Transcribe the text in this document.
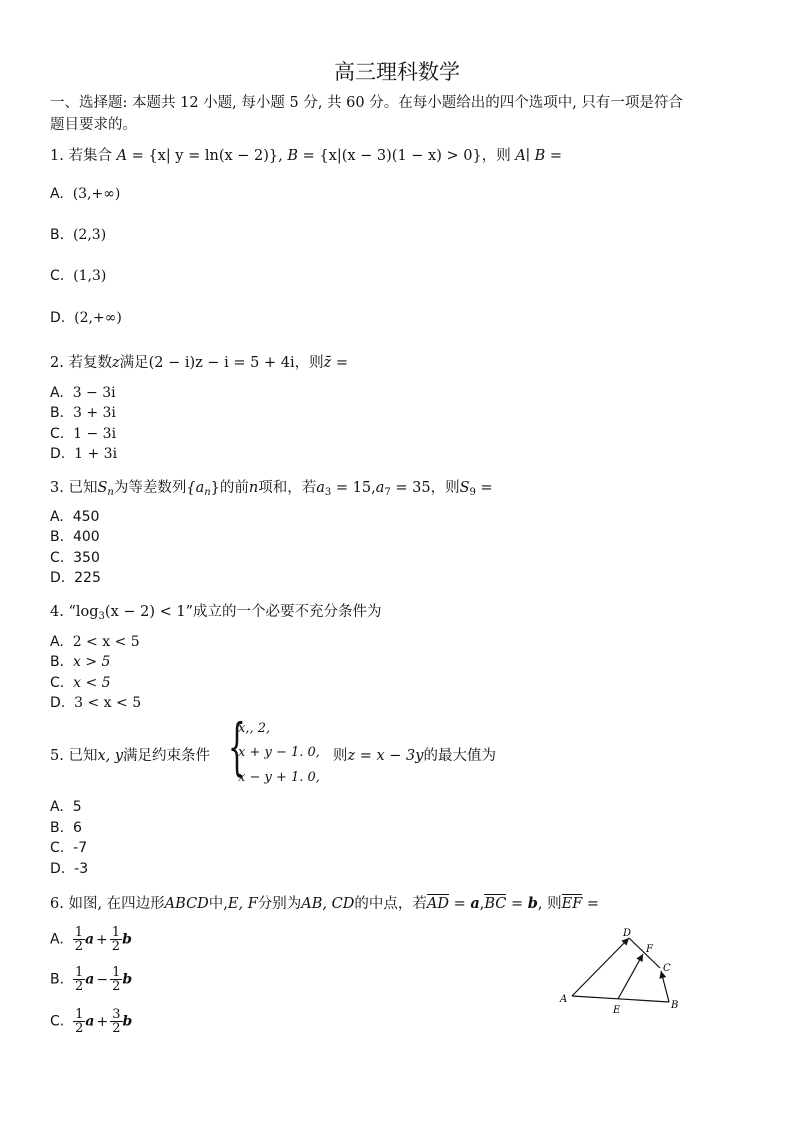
高三理科数学
一、选择题: 本题共 12 小题, 每小题 5 分, 共 60 分。在每小题给出的四个选项中, 只有一项是符合
题目要求的。
1. 若集合 A = {x| y = ln(x − 2)}, B = {x|(x − 3)(1 − x) > 0}，则 A∣ B =
A. (3,+∞)
B. (2,3)
C. (1,3)
D. (2,+∞)
2. 若复数z满足(2 − i)z − i = 5 + 4i，则z̄ =
A. 3 − 3i
B. 3 + 3i
C. 1 − 3i
D. 1 + 3i
3. 已知$S_n$为等差数列$\{a_n\}$的前n项和，若$a_3 = 15,a_7 = 35$，则$S_9$ =
A. 450
B. 400
C. 350
D. 225
4. “$\log_3(x - 2) < 1$”成立的一个必要不充分条件为
A. 2 < x < 5
B. x > 5
C. x < 5
D. 3 < x < 5
5. 已知x, y满足约束条件 {
x,, 2,
x + y − 1. 0,
x − y + 1. 0,
则z = x − 3y的最大值为
A. 5
B. 6
C. -7
D. -3
6. 如图, 在四边形ABCD中,E, F分别为AB, CD的中点，若AD = a,BC = b, 则EF =
A. $\frac{1}{2}$ $a + \frac{1}{2}$ b
B. $\frac{1}{2}$ $a - \frac{1}{2}$ b
C. $\frac{1}{2}$ $a + \frac{3}{2}$ b
D
F
C
A
E	B
